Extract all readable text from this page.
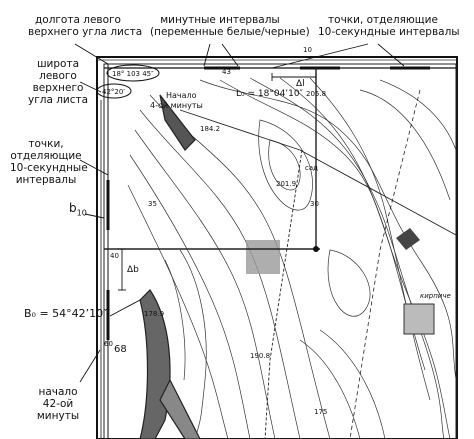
18° 103 45″
42°20′	L₀ = 18°04’10″ 205.8
201.9
190.8
178.9
184.2
175
Начало
4-ой минуты
Δl
Δb
68
60
10
43
40
30
35
кирпиче
сад
долгота левого
верхнего угла листа
минутные интервалы
(переменные белые/черные)
точки, отделяющие
10-секундные интервалы
широта
левого
верхнего
угла листа
точки,
отделяющие
10-секундные
интервалы
$b_{10}$
B₀ = 54°42’10″
начало
42-ой
минуты
